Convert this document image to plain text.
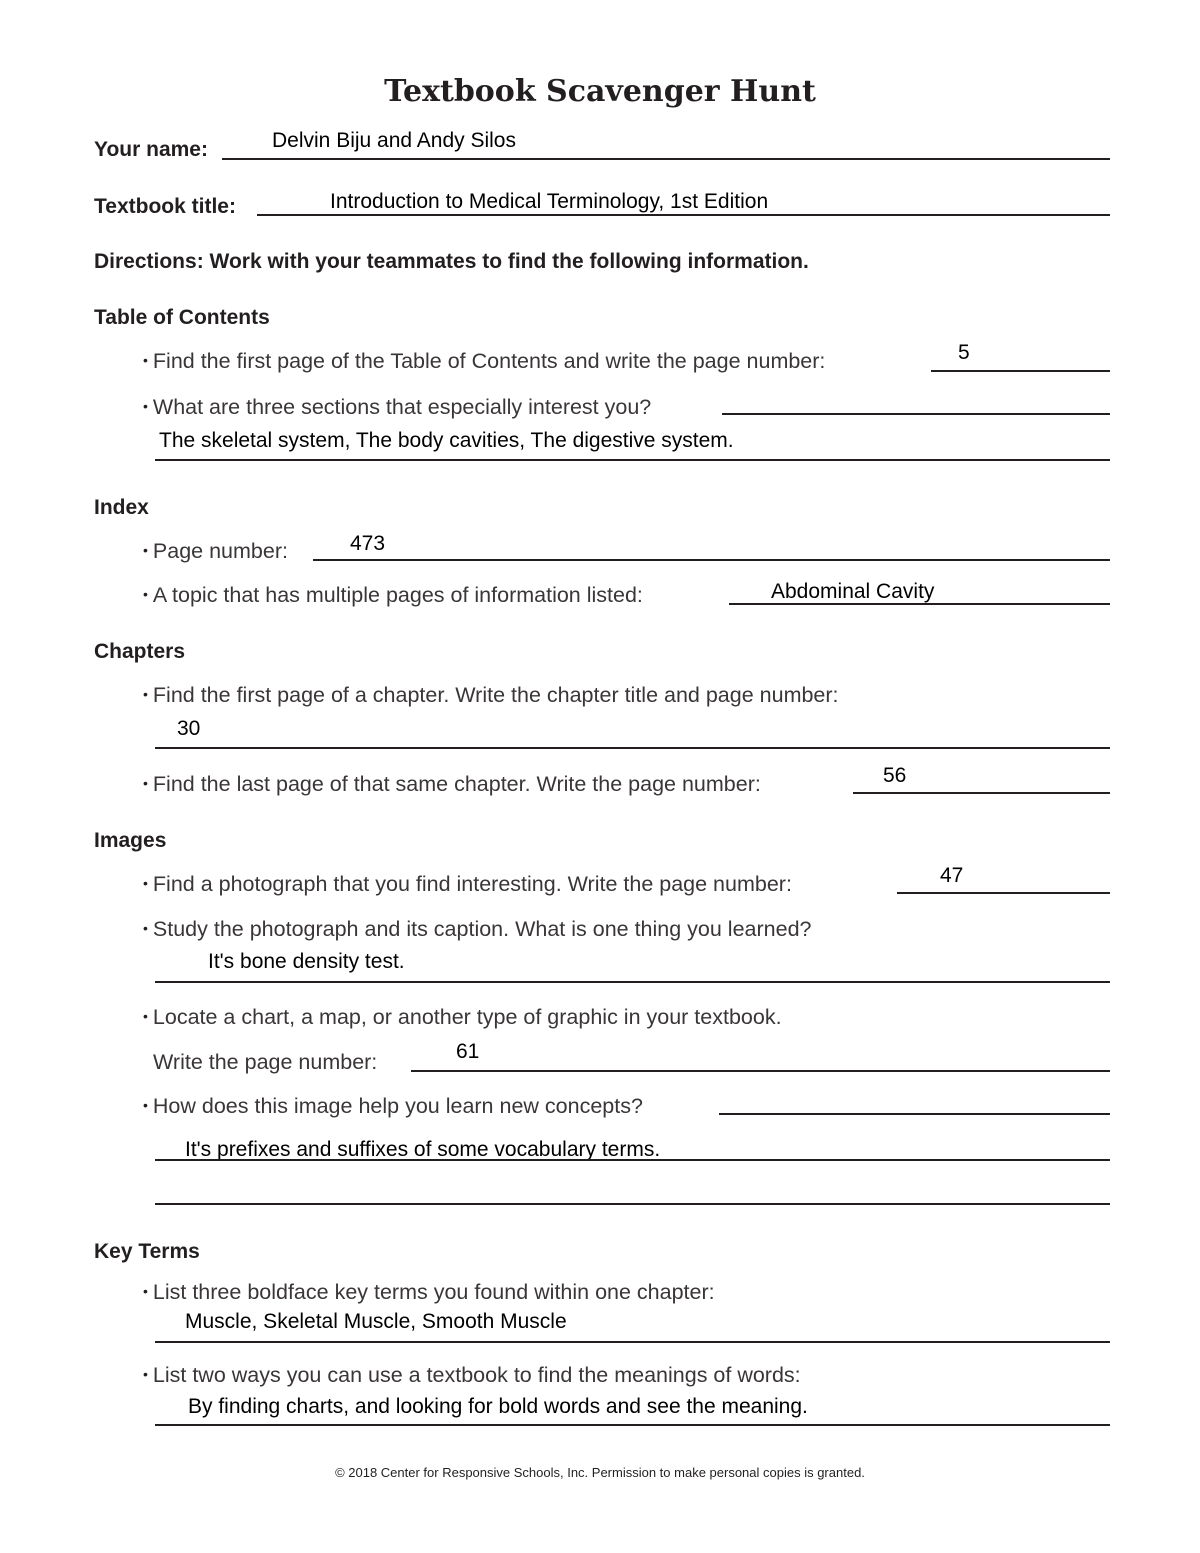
Textbook Scavenger Hunt
Your name:	Delvin Biju and Andy Silos
Textbook title:	Introduction to Medical Terminology, 1st Edition
Directions: Work with your teammates to find the following information.
Table of Contents
• Find the first page of the Table of Contents and write the page number:	5
• What are three sections that especially interest you?
The skeletal system, The body cavities, The digestive system.
Index
• Page number:	473
• A topic that has multiple pages of information listed:	Abdominal Cavity
Chapters
• Find the first page of a chapter. Write the chapter title and page number:
30
• Find the last page of that same chapter. Write the page number:	56
Images
• Find a photograph that you find interesting. Write the page number:	47
• Study the photograph and its caption. What is one thing you learned?
It's bone density test.
• Locate a chart, a map, or another type of graphic in your textbook.
Write the page number:	61
• How does this image help you learn new concepts?
It's prefixes and suffixes of some vocabulary terms.
Key Terms
• List three boldface key terms you found within one chapter:
Muscle, Skeletal Muscle, Smooth Muscle
• List two ways you can use a textbook to find the meanings of words:
By finding charts, and looking for bold words and see the meaning.
© 2018 Center for Responsive Schools, Inc. Permission to make personal copies is granted.
